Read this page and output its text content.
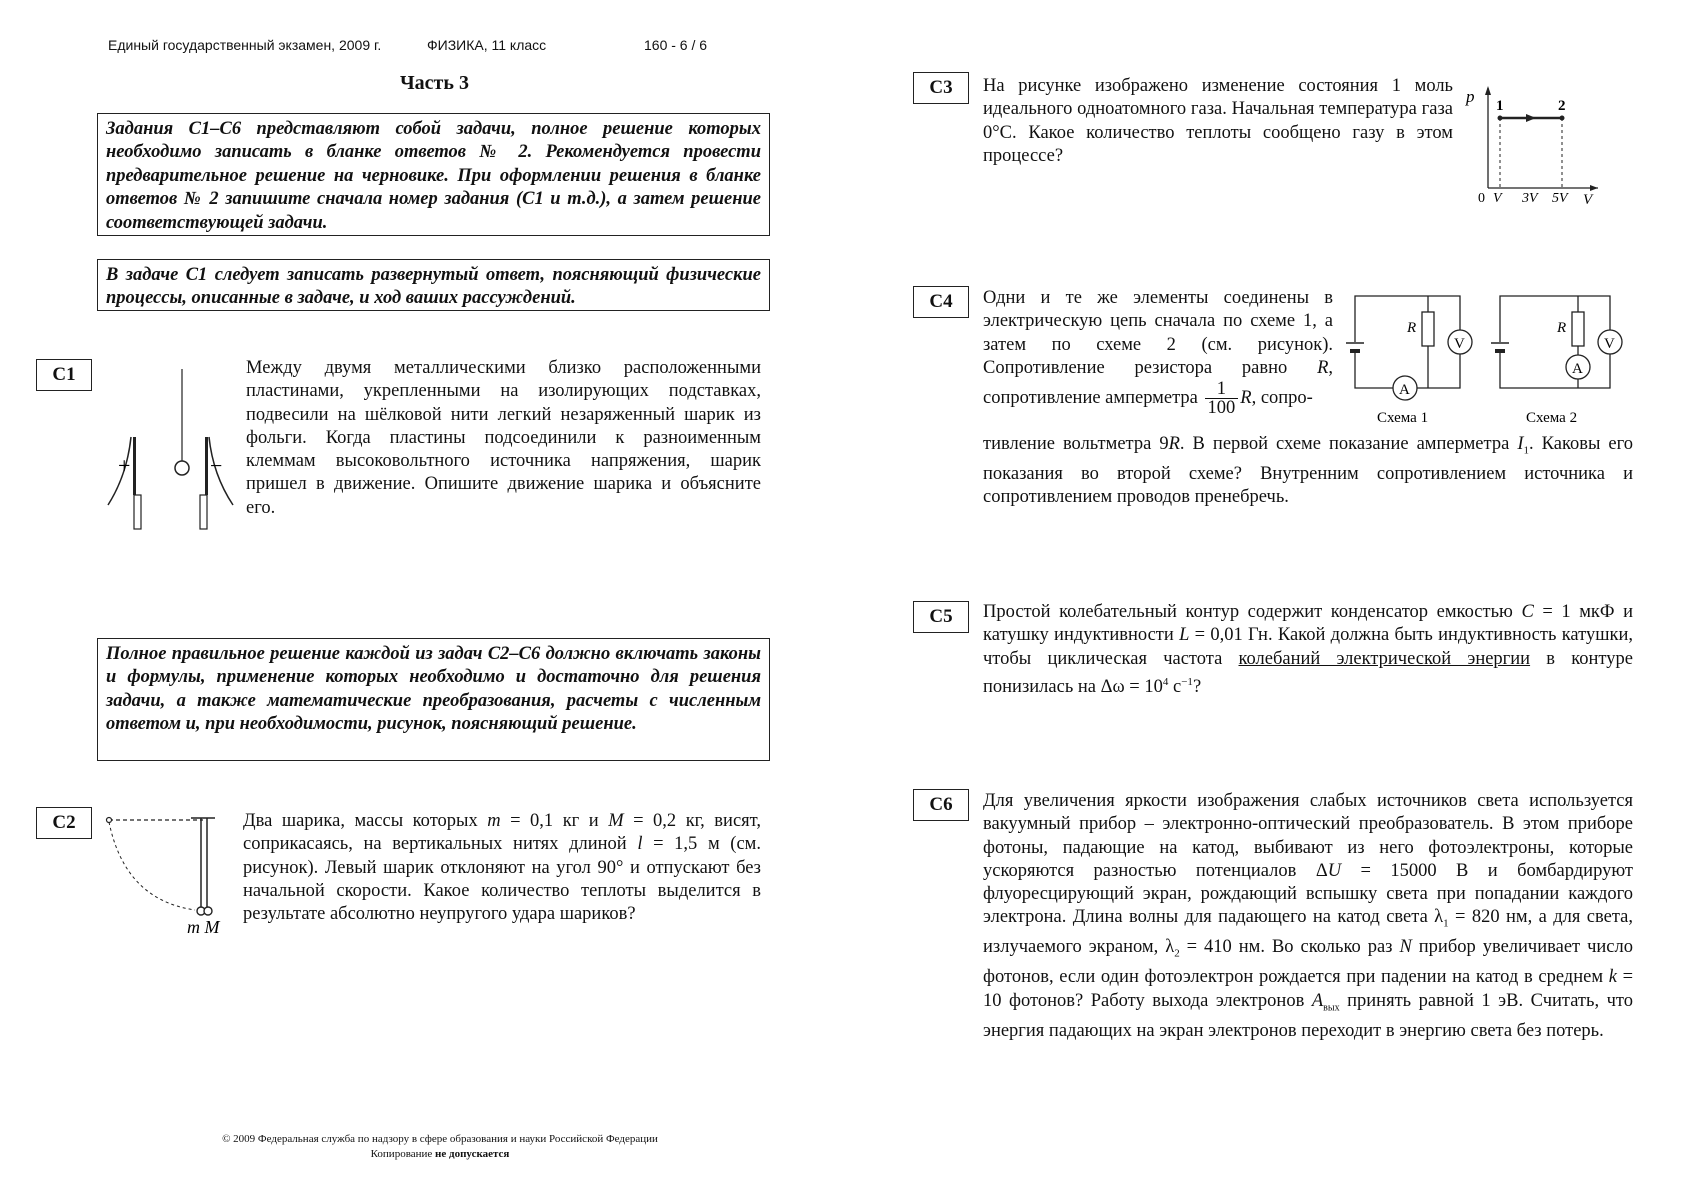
Единый государственный экзамен, 2009 г.	ФИЗИКА, 11 класс	160 - 6 / 6
Часть 3
Задания С1–С6 представляют собой задачи, полное решение которых необходимо записать в бланке ответов № 2. Рекомендуется провести предварительное решение на черновике. При оформлении решения в бланке ответов № 2 запишите сначала номер задания (С1 и т.д.), а затем решение соответствующей задачи.
В задаче С1 следует записать развернутый ответ, поясняющий физические процессы, описанные в задаче, и ход ваших рассуждений.
Полное правильное решение каждой из задач С2–С6 должно включать законы и формулы, применение которых необходимо и достаточно для решения задачи, а также математические преобразования, расчеты с численным ответом и, при необходимости, рисунок, поясняющий решение.
C1
+	−
Между двумя металлическими близко расположенными пластинами, укрепленными на изолирующих подставках, подвесили на шёлковой нити легкий незаряженный шарик из фольги. Когда пластины подсоединили к разноименным клеммам высоковольтного источника напряжения, шарик пришел в движение. Опишите движение шарика и объясните его.
C2
m M
Два шарика, массы которых m = 0,1 кг и M = 0,2 кг, висят, соприкасаясь, на вертикальных нитях длиной l = 1,5 м (см. рисунок). Левый шарик отклоняют на угол 90° и отпускают без начальной скорости. Какое количество теплоты выделится в результате абсолютно неупругого удара шариков?
C3	На рисунке изображено изменение состояния 1 моль идеального одноатомного газа. Начальная температура газа 0°C. Какое количество теплоты сообщено газу в этом процессе?
p 1	2
0 V 3V 5V V
C4	Одни и те же элементы соединены в электрическую цепь сначала по схеме 1, а затем по схеме 2 (см. рисунок). Сопротивление резистора равно R, сопротивление амперметра $\frac{1}{100} R$, сопро-
тивление вольтметра 9R. В первой схеме показание амперметра $I_1$. Каковы его показания во второй схеме? Внутренним сопротивлением источника и сопротивлением проводов пренебречь.
R
V
A
R
A
V
Схема 1	Схема 2
C5	Простой колебательный контур содержит конденсатор емкостью C = 1 мкФ и катушку индуктивности L = 0,01 Гн. Какой должна быть индуктивность катушки, чтобы циклическая частота колебаний электрической энергии в контуре понизилась на $\Delta\omega = 10^4$ $с^{-1}$?
C6	Для увеличения яркости изображения слабых источников света используется вакуумный прибор – электронно-оптический преобразователь. В этом приборе фотоны, падающие на катод, выбивают из него фотоэлектроны, которые ускоряются разностью потенциалов ΔU = 15000 В и бомбардируют флуоресцирующий экран, рождающий вспышку света при попадании каждого электрона. Длина волны для падающего на катод света $\lambda_1 = 820$ нм, а для света, излучаемого экраном, $\lambda_2 = 410$ нм. Во сколько раз N прибор увеличивает число фотонов, если один фотоэлектрон рождается при падении на катод в среднем k = 10 фотонов? Работу выхода электронов $A_{вых}$ принять равной 1 эВ. Считать, что энергия падающих на экран электронов переходит в энергию света без потерь.
© 2009 Федеральная служба по надзору в сфере образования и науки Российской Федерации
Копирование не допускается
